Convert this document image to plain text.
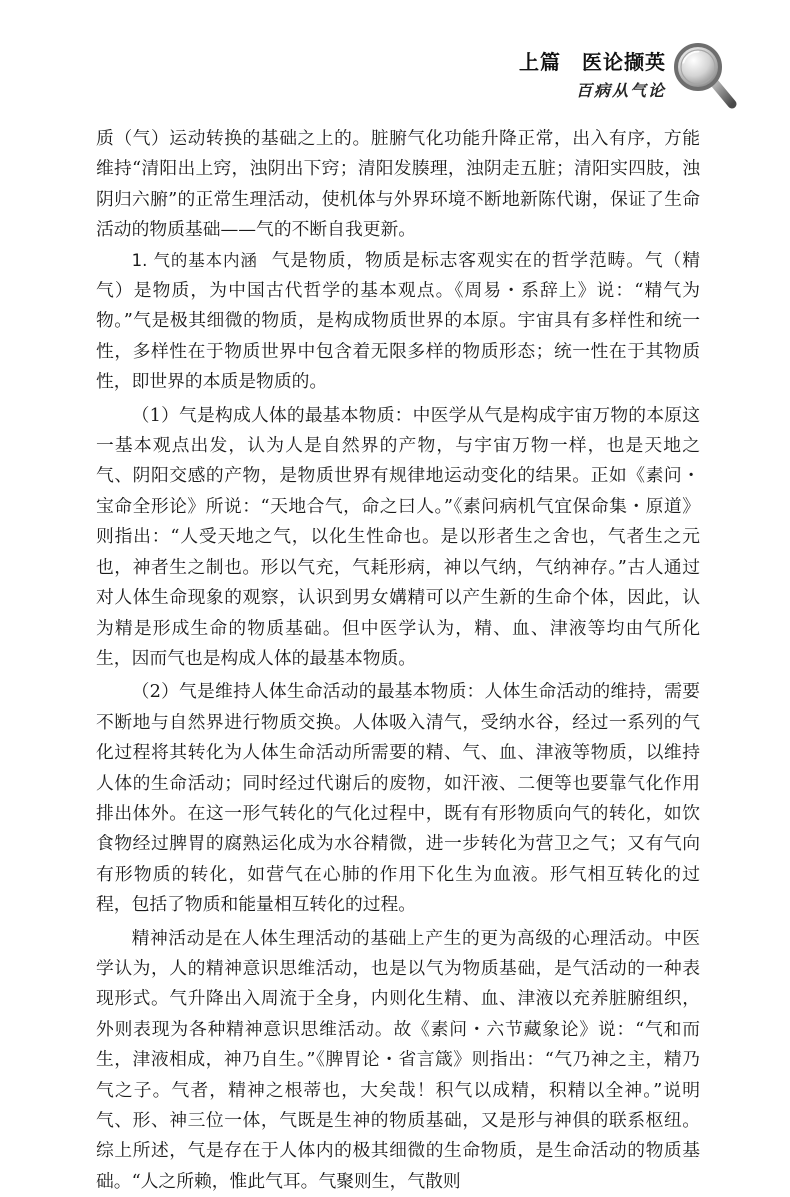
上篇　医论撷英
百病从气论

质（气）运动转换的基础之上的。脏腑气化功能升降正常，出入有序，方能维持“清阳出上窍，浊阴出下窍；清阳发腠理，浊阴走五脏；清阳实四肢，浊阴归六腑”的正常生理活动，使机体与外界环境不断地新陈代谢，保证了生命活动的物质基础——气的不断自我更新。

1. 气的基本内涵 气是物质，物质是标志客观实在的哲学范畴。气（精气）是物质，为中国古代哲学的基本观点。《周易・系辞上》说：“精气为物。”气是极其细微的物质，是构成物质世界的本原。宇宙具有多样性和统一性，多样性在于物质世界中包含着无限多样的物质形态；统一性在于其物质性，即世界的本质是物质的。

（1）气是构成人体的最基本物质：中医学从气是构成宇宙万物的本原这一基本观点出发，认为人是自然界的产物，与宇宙万物一样，也是天地之气、阴阳交感的产物，是物质世界有规律地运动变化的结果。正如《素问・宝命全形论》所说：“天地合气，命之曰人。”《素问病机气宜保命集・原道》则指出：“人受天地之气，以化生性命也。是以形者生之舍也，气者生之元也，神者生之制也。形以气充，气耗形病，神以气纳，气纳神存。”古人通过对人体生命现象的观察，认识到男女媾精可以产生新的生命个体，因此，认为精是形成生命的物质基础。但中医学认为，精、血、津液等均由气所化生，因而气也是构成人体的最基本物质。

（2）气是维持人体生命活动的最基本物质：人体生命活动的维持，需要不断地与自然界进行物质交换。人体吸入清气，受纳水谷，经过一系列的气化过程将其转化为人体生命活动所需要的精、气、血、津液等物质，以维持人体的生命活动；同时经过代谢后的废物，如汗液、二便等也要靠气化作用排出体外。在这一形气转化的气化过程中，既有有形物质向气的转化，如饮食物经过脾胃的腐熟运化成为水谷精微，进一步转化为营卫之气；又有气向有形物质的转化，如营气在心肺的作用下化生为血液。形气相互转化的过程，包括了物质和能量相互转化的过程。

精神活动是在人体生理活动的基础上产生的更为高级的心理活动。中医学认为，人的精神意识思维活动，也是以气为物质基础，是气活动的一种表现形式。气升降出入周流于全身，内则化生精、血、津液以充养脏腑组织，外则表现为各种精神意识思维活动。故《素问・六节藏象论》说：“气和而生，津液相成，神乃自生。”《脾胃论・省言箴》则指出：“气乃神之主，精乃气之子。气者，精神之根蒂也，大矣哉！积气以成精，积精以全神。”说明气、形、神三位一体，气既是生神的物质基础，又是形与神俱的联系枢纽。综上所述，气是存在于人体内的极其细微的生命物质，是生命活动的物质基础。“人之所赖，惟此气耳。气聚则生，气散则
